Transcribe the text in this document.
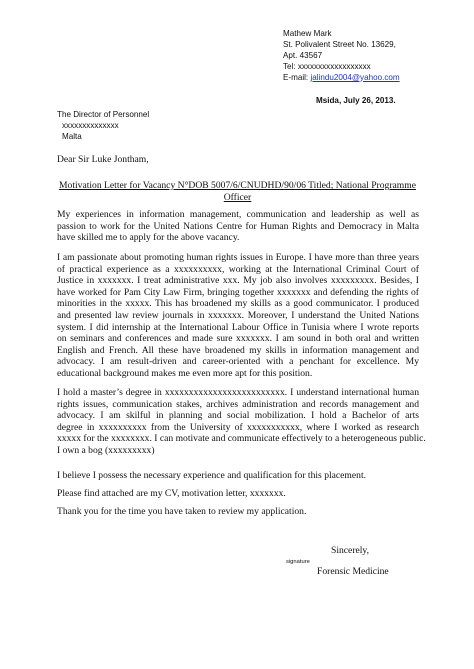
Mathew Mark
St. Polivalent Street No. 13629,
Apt. 43567
Tel: xxxxxxxxxxxxxxxxxx
E-mail: jalindu2004@yahoo.com
Msida, July 26, 2013.
The Director of Personnel
xxxxxxxxxxxxxx
Malta
Dear Sir Luke Jontham,
Motivation Letter for Vacancy N°DOB 5007/6/CNUDHD/90/06 Titled; National Programme Officer
My experiences in information management, communication and leadership as well as
passion to work for the United Nations Centre for Human Rights and Democracy in Malta
have skilled me to apply for the above vacancy.
I am passionate about promoting human rights issues in Europe. I have more than three years
of practical experience as a xxxxxxxxxx, working at the International Criminal Court of
Justice in xxxxxxx. I treat administrative xxx. My job also involves xxxxxxxxx. Besides, I
have worked for Pam City Law Firm, bringing together xxxxxxx and defending the rights of
minorities in the xxxxx. This has broadened my skills as a good communicator. I produced
and presented law review journals in xxxxxxx. Moreover, I understand the United Nations
system. I did internship at the International Labour Office in Tunisia where I wrote reports
on seminars and conferences and made sure xxxxxxx. I am sound in both oral and written
English and French. All these have broadened my skills in information management and
advocacy. I am result-driven and career-oriented with a penchant for excellence. My
educational background makes me even more apt for this position.
I hold a master’s degree in xxxxxxxxxxxxxxxxxxxxxxxxx. I understand international human
rights issues, communication stakes, archives administration and records management and
advocacy. I am skilful in planning and social mobilization. I hold a Bachelor of arts
degree in xxxxxxxxxx from the University of xxxxxxxxxxx, where I worked as research
xxxxx for the xxxxxxxx. I can motivate and communicate effectively to a heterogeneous public.
I own a bog (xxxxxxxxx)
I believe I possess the necessary experience and qualification for this placement.
Please find attached are my CV, motivation letter, xxxxxxx.
Thank you for the time you have taken to review my application.
Sincerely,
signature
Forensic Medicine
